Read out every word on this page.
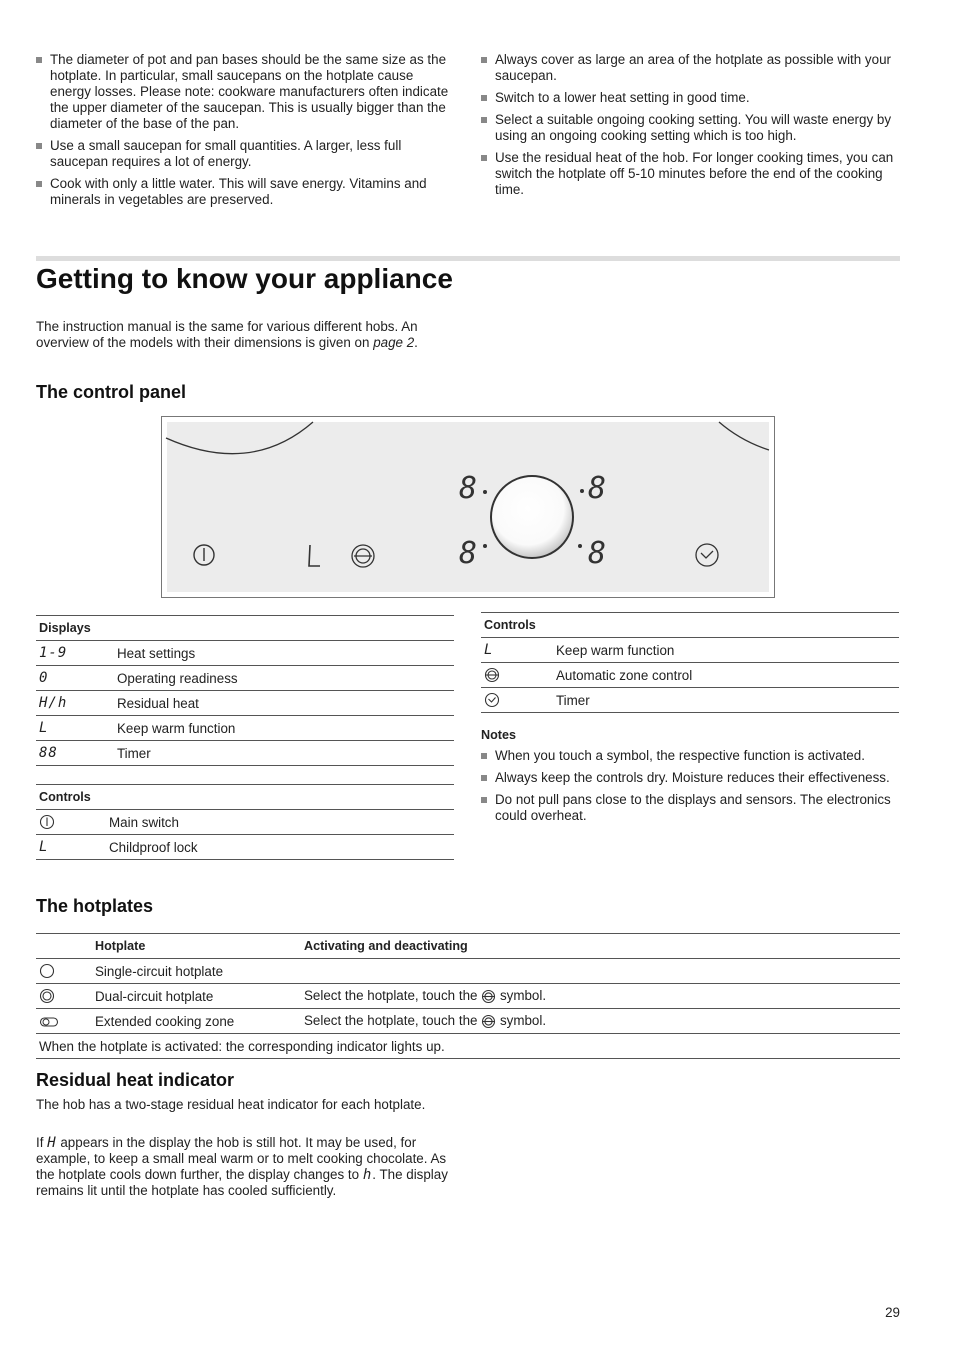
The diameter of pot and pan bases should be the same size as the hotplate. In particular, small saucepans on the hotplate cause energy losses. Please note: cookware manufacturers often indicate the upper diameter of the saucepan. This is usually bigger than the diameter of the base of the pan.
Use a small saucepan for small quantities. A larger, less full saucepan requires a lot of energy.
Cook with only a little water. This will save energy. Vitamins and minerals in vegetables are preserved.
Always cover as large an area of the hotplate as possible with your saucepan.
Switch to a lower heat setting in good time.
Select a suitable ongoing cooking setting. You will waste energy by using an ongoing cooking setting which is too high.
Use the residual heat of the hob. For longer cooking times, you can switch the hotplate off 5-10 minutes before the end of the cooking time.
Getting to know your appliance
The instruction manual is the same for various different hobs. An overview of the models with their dimensions is given on page 2.
The control panel
8	8
8	8
Displays	
1-9	Heat settings
0	Operating readiness
H/h	Residual heat
L	Keep warm function
88	Timer
Controls	
	Main switch
L	Childproof lock
Controls	
L	Keep warm function
	Automatic zone control
	Timer
Notes
When you touch a symbol, the respective function is activated.
Always keep the controls dry. Moisture reduces their effectiveness.
Do not pull pans close to the displays and sensors. The electronics could overheat.
The hotplates
	Hotplate	Activating and deactivating
	Single-circuit hotplate	
	Dual-circuit hotplate	Select the hotplate, touch the symbol.
	Extended cooking zone	Select the hotplate, touch the symbol.
When the hotplate is activated: the corresponding indicator lights up.		
Residual heat indicator
The hob has a two-stage residual heat indicator for each hotplate.
If H appears in the display the hob is still hot. It may be used, for example, to keep a small meal warm or to melt cooking chocolate. As the hotplate cools down further, the display changes to h. The display remains lit until the hotplate has cooled sufficiently.
29
